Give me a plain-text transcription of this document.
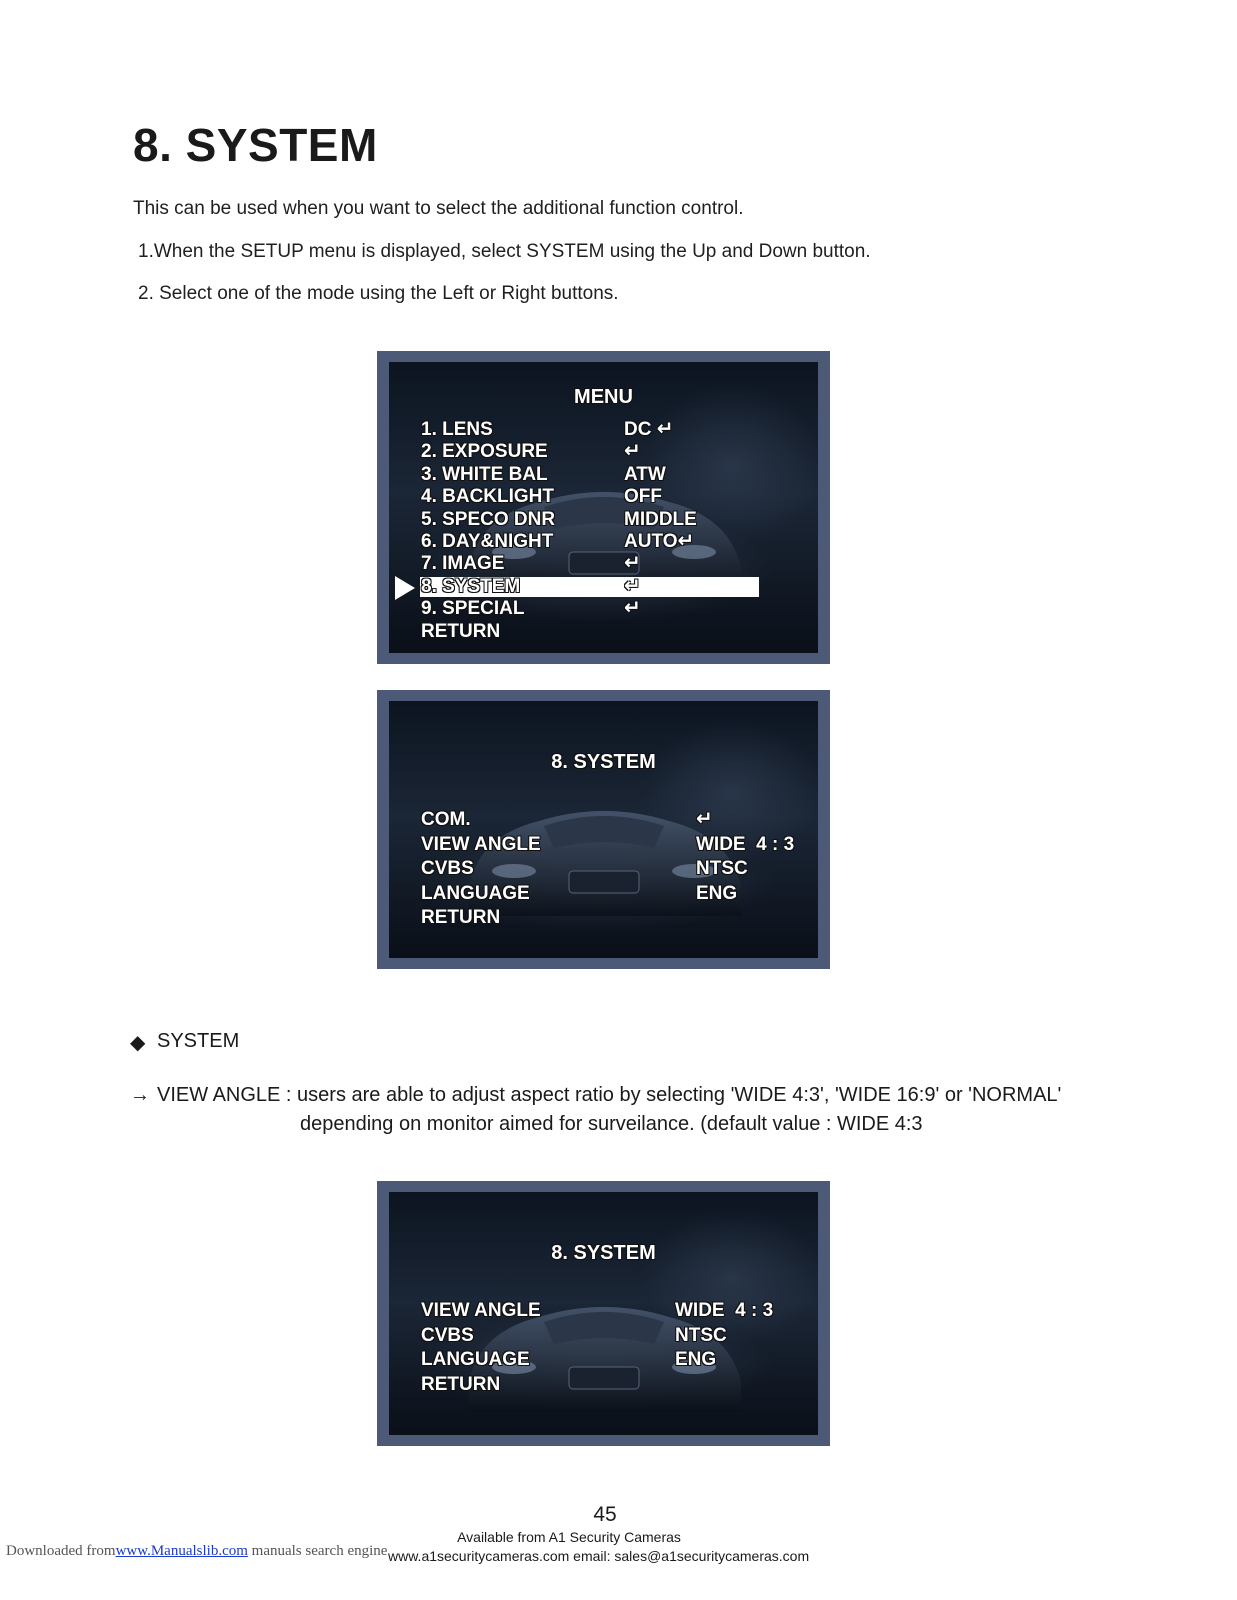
8. SYSTEM
This can be used when you want to select the additional function control.
1.When the SETUP menu is displayed, select SYSTEM using the Up and Down button.
2. Select one of the mode using the Left or Right buttons.
MENU
1. LENS	DC ↵
2. EXPOSURE	↵
3. WHITE BAL	ATW
4. BACKLIGHT	OFF
5. SPECO DNR	MIDDLE
6. DAY&NIGHT	AUTO↵
7. IMAGE	↵
8. SYSTEM	↵
9. SPECIAL	↵
RETURN
8. SYSTEM
COM.	↵
VIEW ANGLE	WIDE  4 : 3
CVBS	NTSC
LANGUAGE	ENG
RETURN
◆ SYSTEM
→ VIEW ANGLE : users are able to adjust aspect ratio by selecting 'WIDE 4:3', 'WIDE 16:9' or 'NORMAL'
depending on monitor aimed for surveilance. (default value : WIDE 4:3
8. SYSTEM
VIEW ANGLE	WIDE  4 : 3
CVBS	NTSC
LANGUAGE	ENG
RETURN
45
Available from A1 Security Cameras
Downloaded fromwww.Manualslib.com manuals search engine www.a1securitycameras.com email: sales@a1securitycameras.com
